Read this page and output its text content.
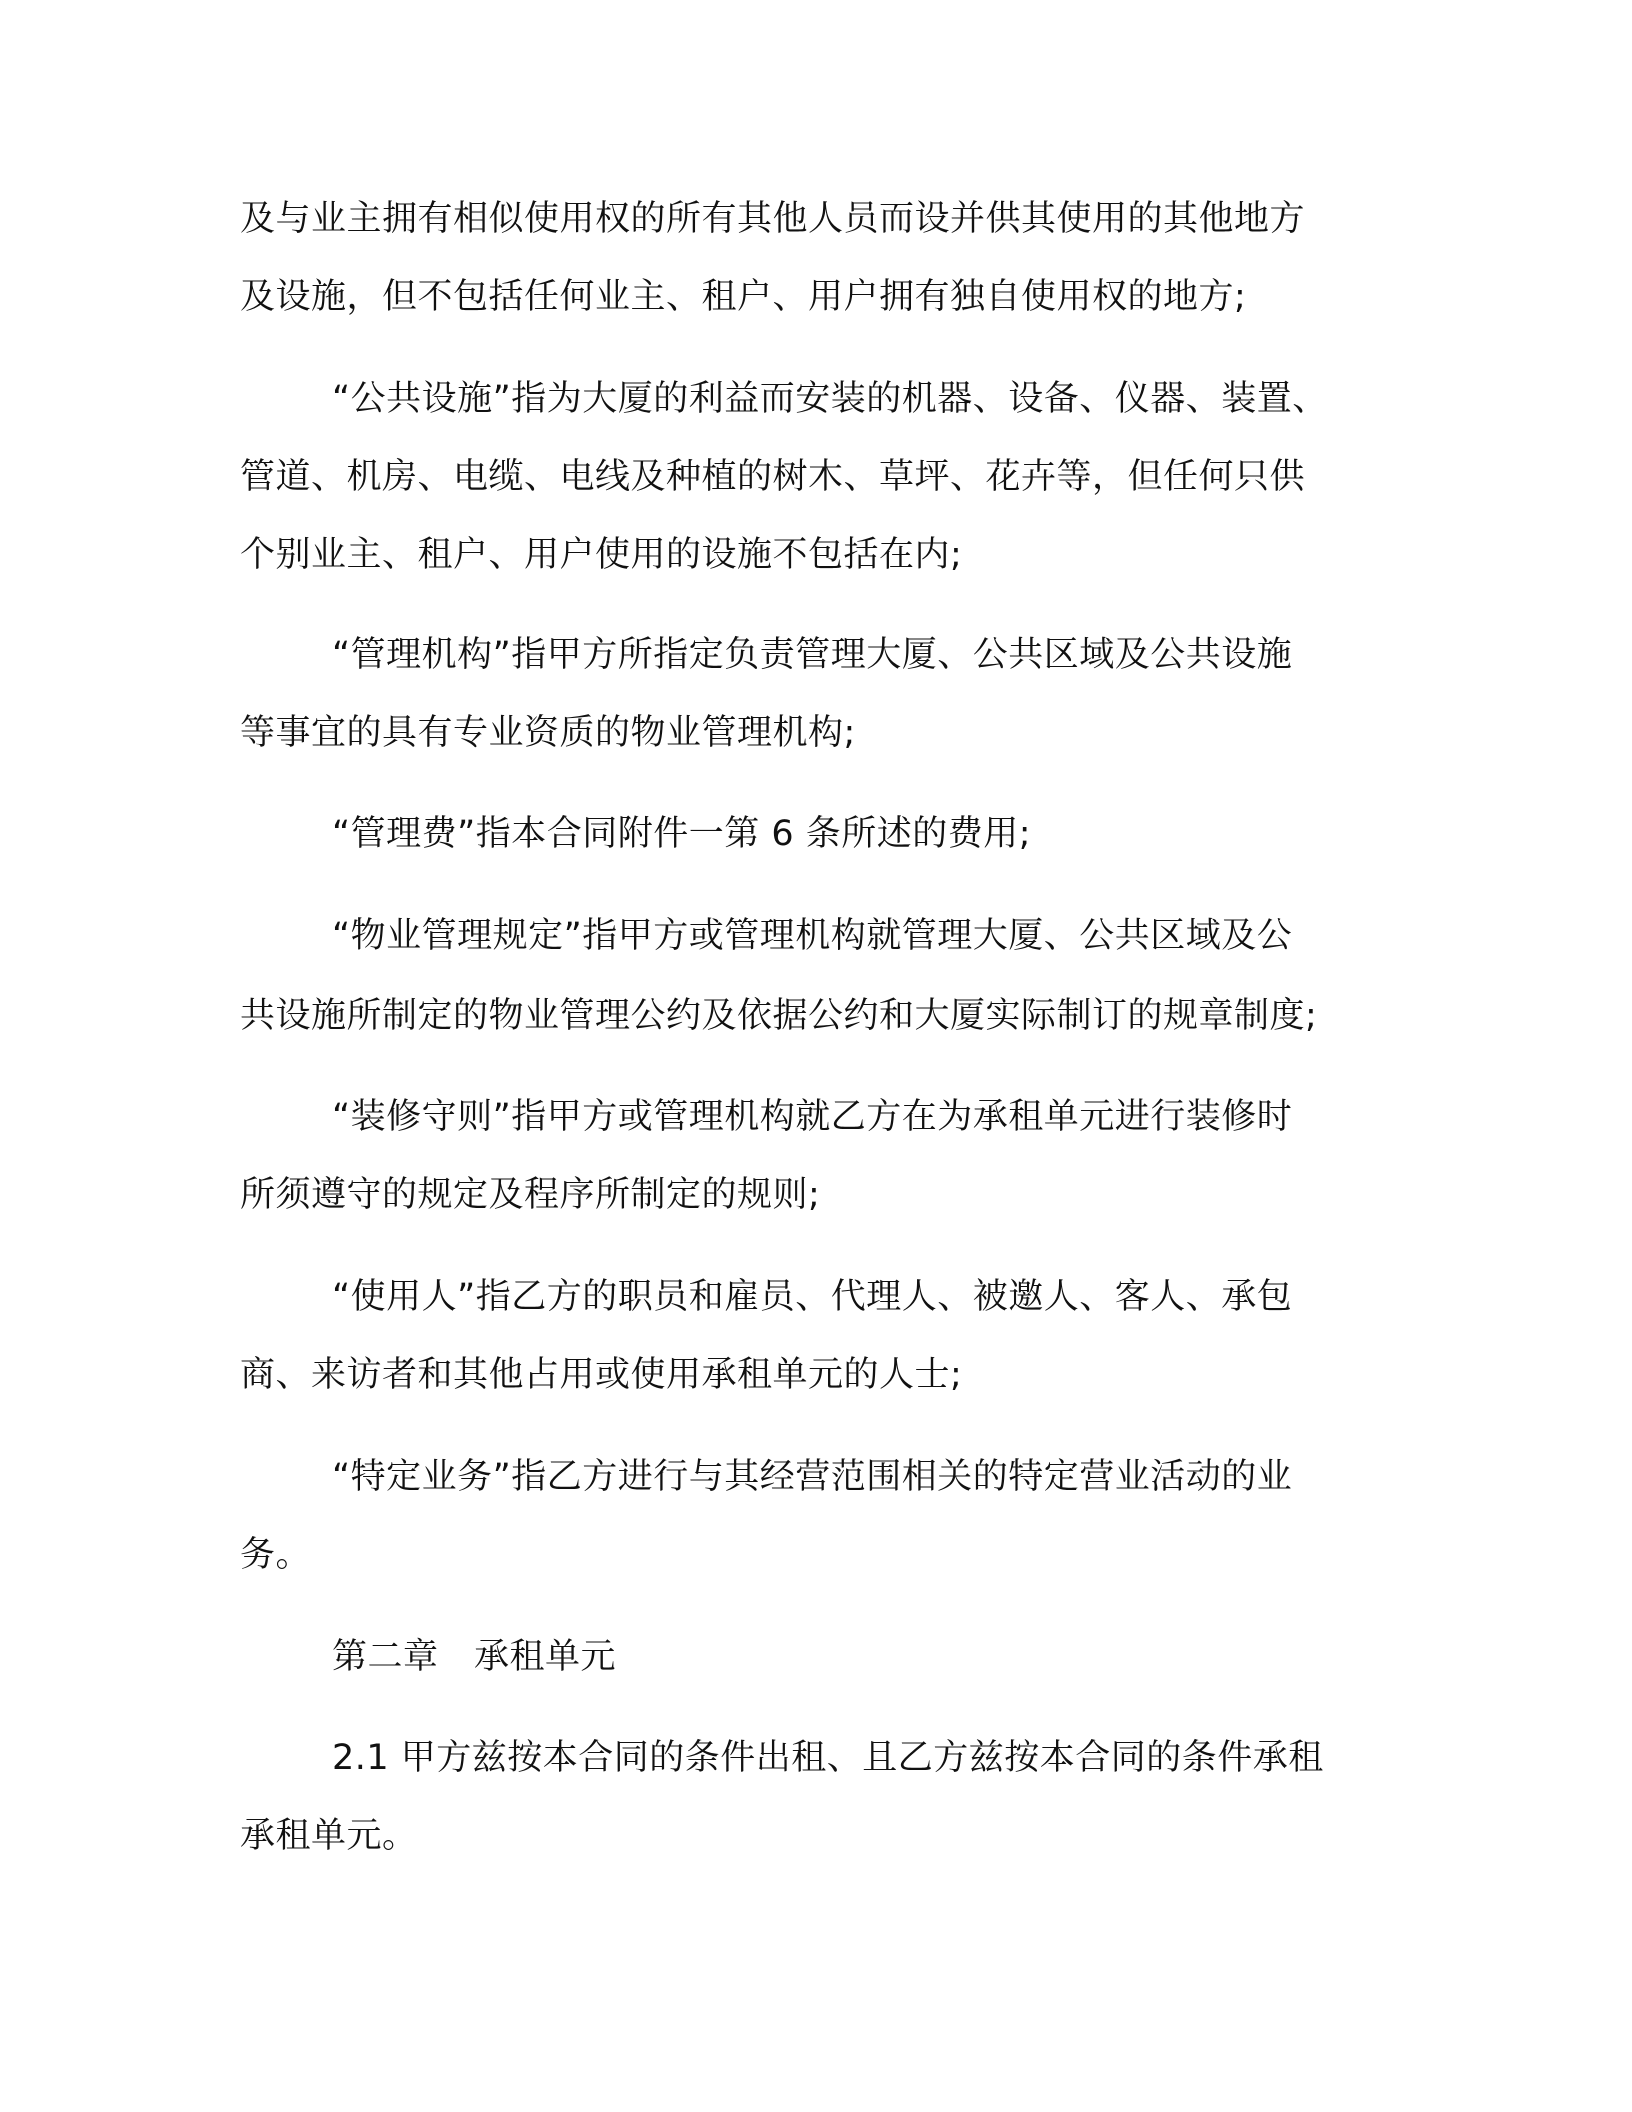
及与业主拥有相似使用权的所有其他人员而设并供其使用的其他地方
及设施，但不包括任何业主、租户、用户拥有独自使用权的地方;
“公共设施”指为大厦的利益而安装的机器、设备、仪器、装置、
管道、机房、电缆、电线及种植的树木、草坪、花卉等，但任何只供
个别业主、租户、用户使用的设施不包括在内;
“管理机构”指甲方所指定负责管理大厦、公共区域及公共设施
等事宜的具有专业资质的物业管理机构;
“管理费”指本合同附件一第 6 条所述的费用;
“物业管理规定”指甲方或管理机构就管理大厦、公共区域及公
共设施所制定的物业管理公约及依据公约和大厦实际制订的规章制度;
“装修守则”指甲方或管理机构就乙方在为承租单元进行装修时
所须遵守的规定及程序所制定的规则;
“使用人”指乙方的职员和雇员、代理人、被邀人、客人、承包
商、来访者和其他占用或使用承租单元的人士;
“特定业务”指乙方进行与其经营范围相关的特定营业活动的业
务。
第二章　承租单元
2.1 甲方兹按本合同的条件出租、且乙方兹按本合同的条件承租
承租单元。
